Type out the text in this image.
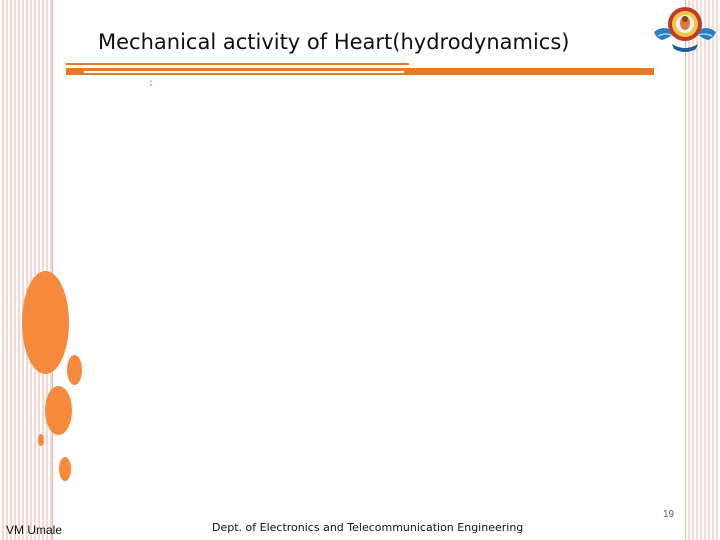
Mechanical activity of Heart(hydrodynamics)
:
VM Umale	Dept. of Electronics and Telecommunication Engineering
19
